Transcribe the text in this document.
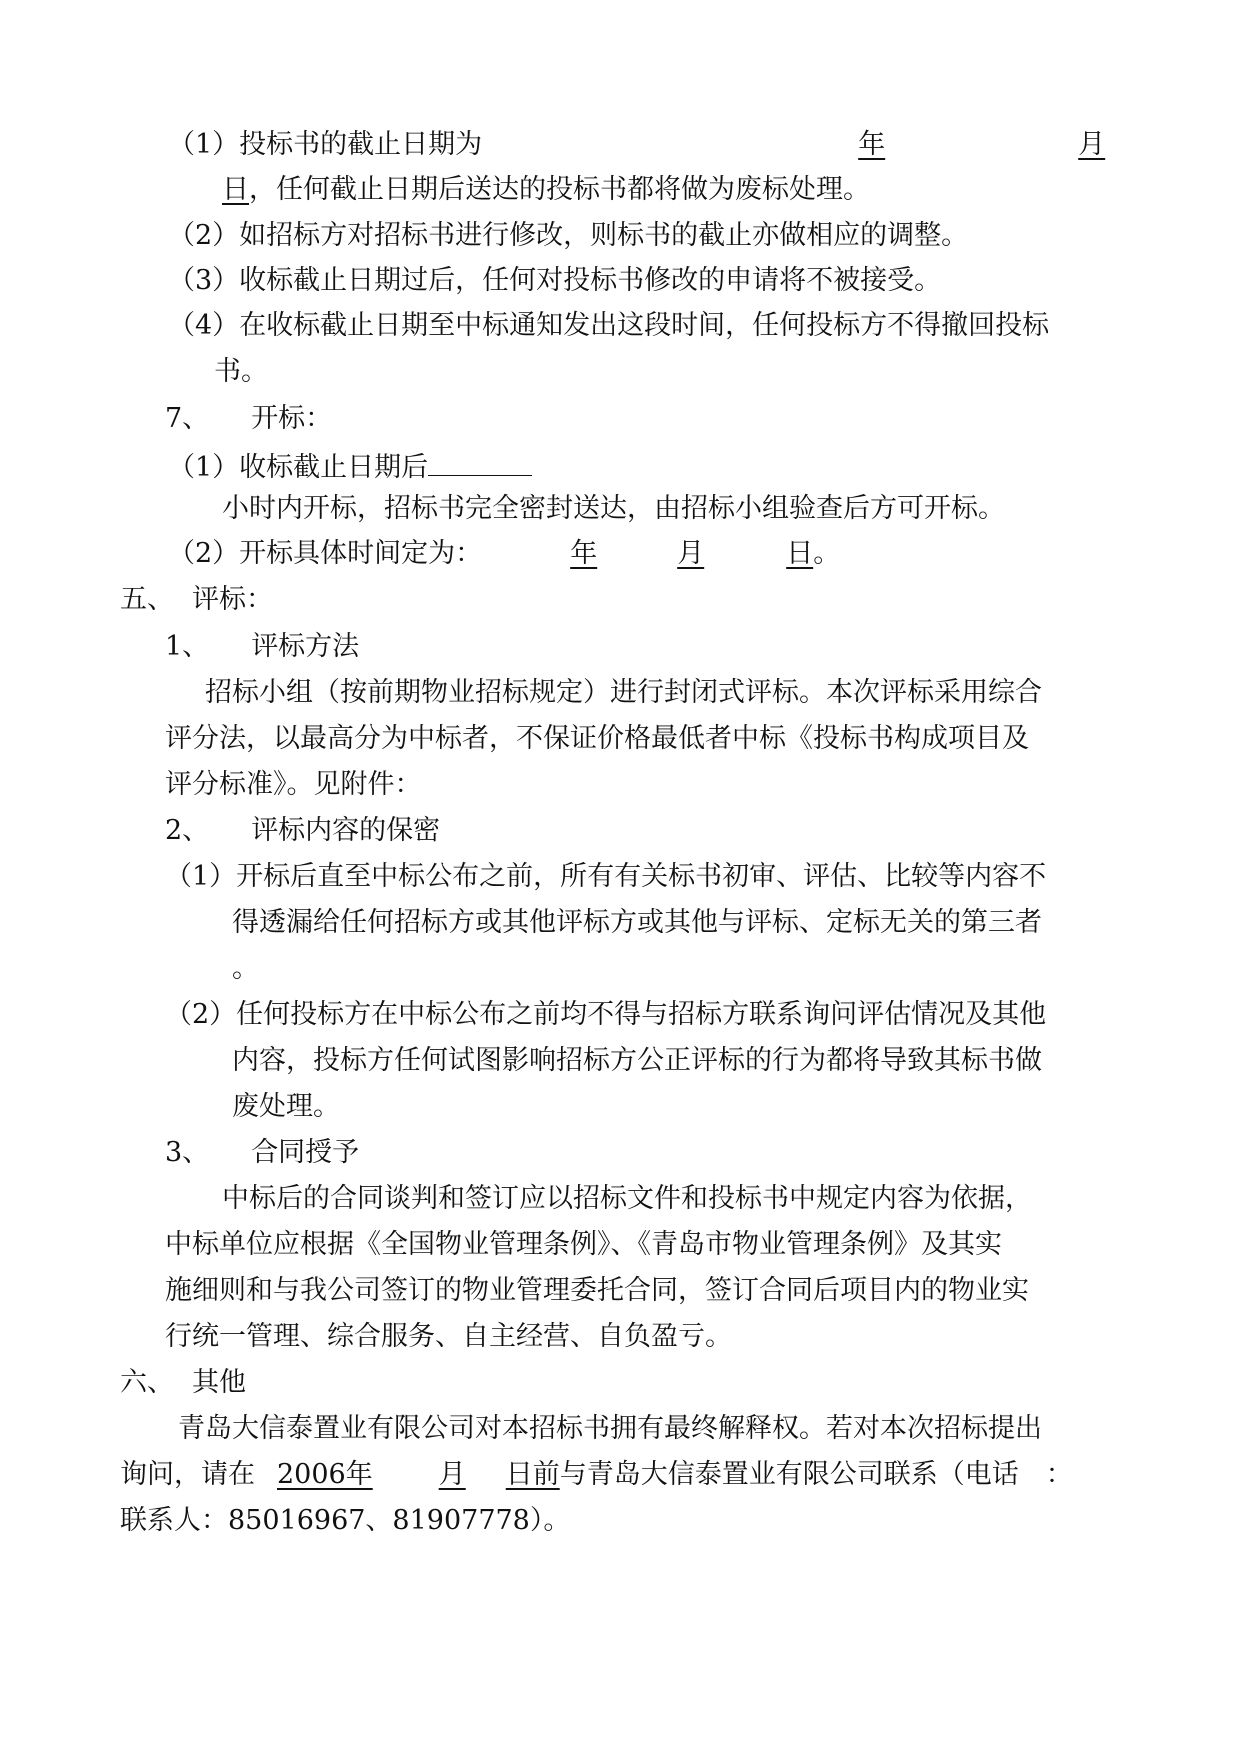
（1）投标书的截止日期为	年	月
日，任何截止日期后送达的投标书都将做为废标处理。
（2）如招标方对招标书进行修改，则标书的截止亦做相应的调整。
（3）收标截止日期过后，任何对投标书修改的申请将不被接受。
（4）在收标截止日期至中标通知发出这段时间，任何投标方不得撤回投标
书。
7、 开标：
（1）收标截止日期后
小时内开标，招标书完全密封送达，由招标小组验查后方可开标。
（2）开标具体时间定为：	年	月	日。
五、 评标：
1、 评标方法
招标小组（按前期物业招标规定）进行封闭式评标。本次评标采用综合
评分法，以最高分为中标者，不保证价格最低者中标《投标书构成项目及
评分标准》。见附件：
2、 评标内容的保密
（1）开标后直至中标公布之前，所有有关标书初审、评估、比较等内容不
得透漏给任何招标方或其他评标方或其他与评标、定标无关的第三者
。
（2）任何投标方在中标公布之前均不得与招标方联系询问评估情况及其他
内容，投标方任何试图影响招标方公正评标的行为都将导致其标书做
废处理。
3、 合同授予
中标后的合同谈判和签订应以招标文件和投标书中规定内容为依据，
中标单位应根据《全国物业管理条例》、《青岛市物业管理条例》及其实
施细则和与我公司签订的物业管理委托合同，签订合同后项目内的物业实
行统一管理、综合服务、自主经营、自负盈亏。
六、 其他
青岛大信泰置业有限公司对本招标书拥有最终解释权。若对本次招标提出
询问，请在 2006年 月 日前与青岛大信泰置业有限公司联系（电话　：
联系人：85016967、81907778）。
